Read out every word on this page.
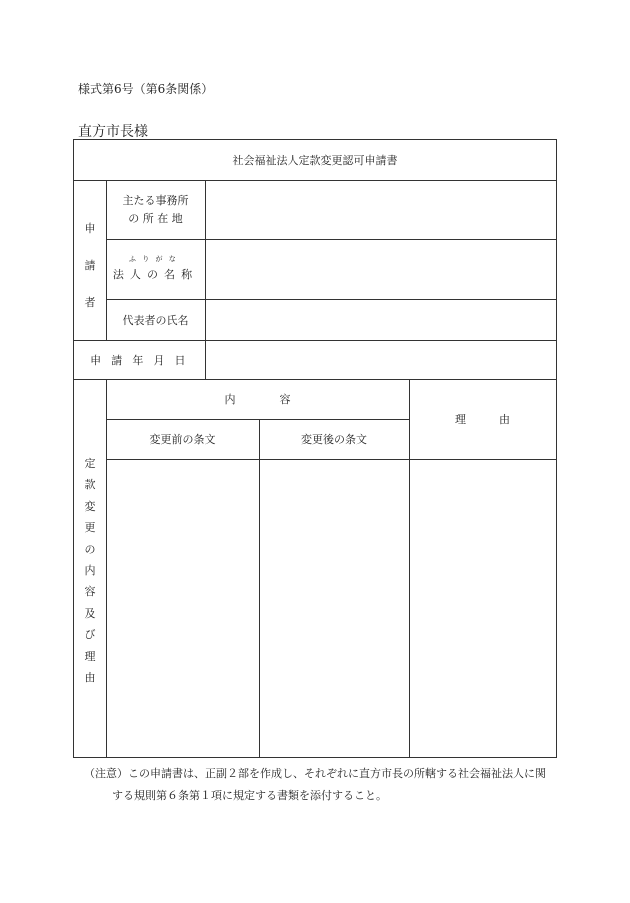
様式第6号（第6条関係）
直方市長様
社会福祉法人定款変更認可申請書
申
請
者
主たる事務所
の 所 在 地
ふりがな
法人の名称
代表者の氏名
申 請 年 月 日
定
款
変
更
の
内
容
及
び
理
由
内　　　　容
変更前の条文	変更後の条文
理　　　由
（注意）この申請書は、正副２部を作成し、それぞれに直方市長の所轄する社会福祉法人に関
する規則第６条第１項に規定する書類を添付すること。
